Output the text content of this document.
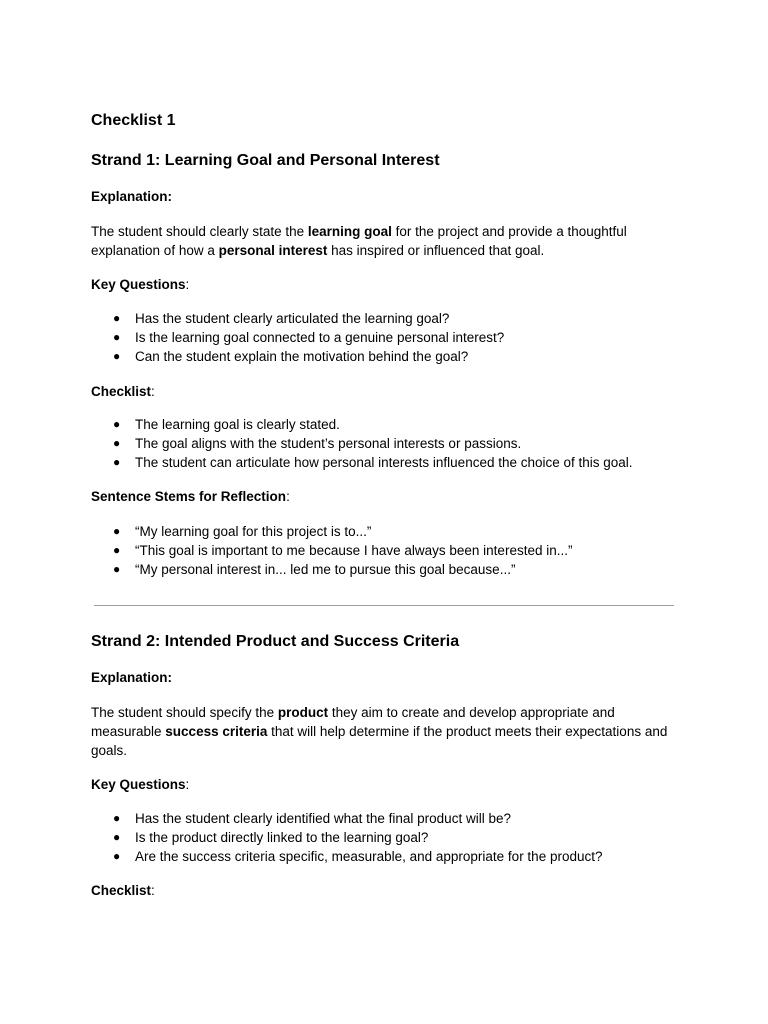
Checklist 1

Strand 1: Learning Goal and Personal Interest

Explanation:

The student should clearly state the learning goal for the project and provide a thoughtful explanation of how a personal interest has inspired or influenced that goal.

Key Questions:

● Has the student clearly articulated the learning goal?
● Is the learning goal connected to a genuine personal interest?
● Can the student explain the motivation behind the goal?

Checklist:

● The learning goal is clearly stated.
● The goal aligns with the student’s personal interests or passions.
● The student can articulate how personal interests influenced the choice of this goal.

Sentence Stems for Reflection:

● “My learning goal for this project is to...”
● “This goal is important to me because I have always been interested in...”
● “My personal interest in... led me to pursue this goal because...”

Strand 2: Intended Product and Success Criteria

Explanation:

The student should specify the product they aim to create and develop appropriate and measurable success criteria that will help determine if the product meets their expectations and goals.

Key Questions:

● Has the student clearly identified what the final product will be?
● Is the product directly linked to the learning goal?
● Are the success criteria specific, measurable, and appropriate for the product?

Checklist:
